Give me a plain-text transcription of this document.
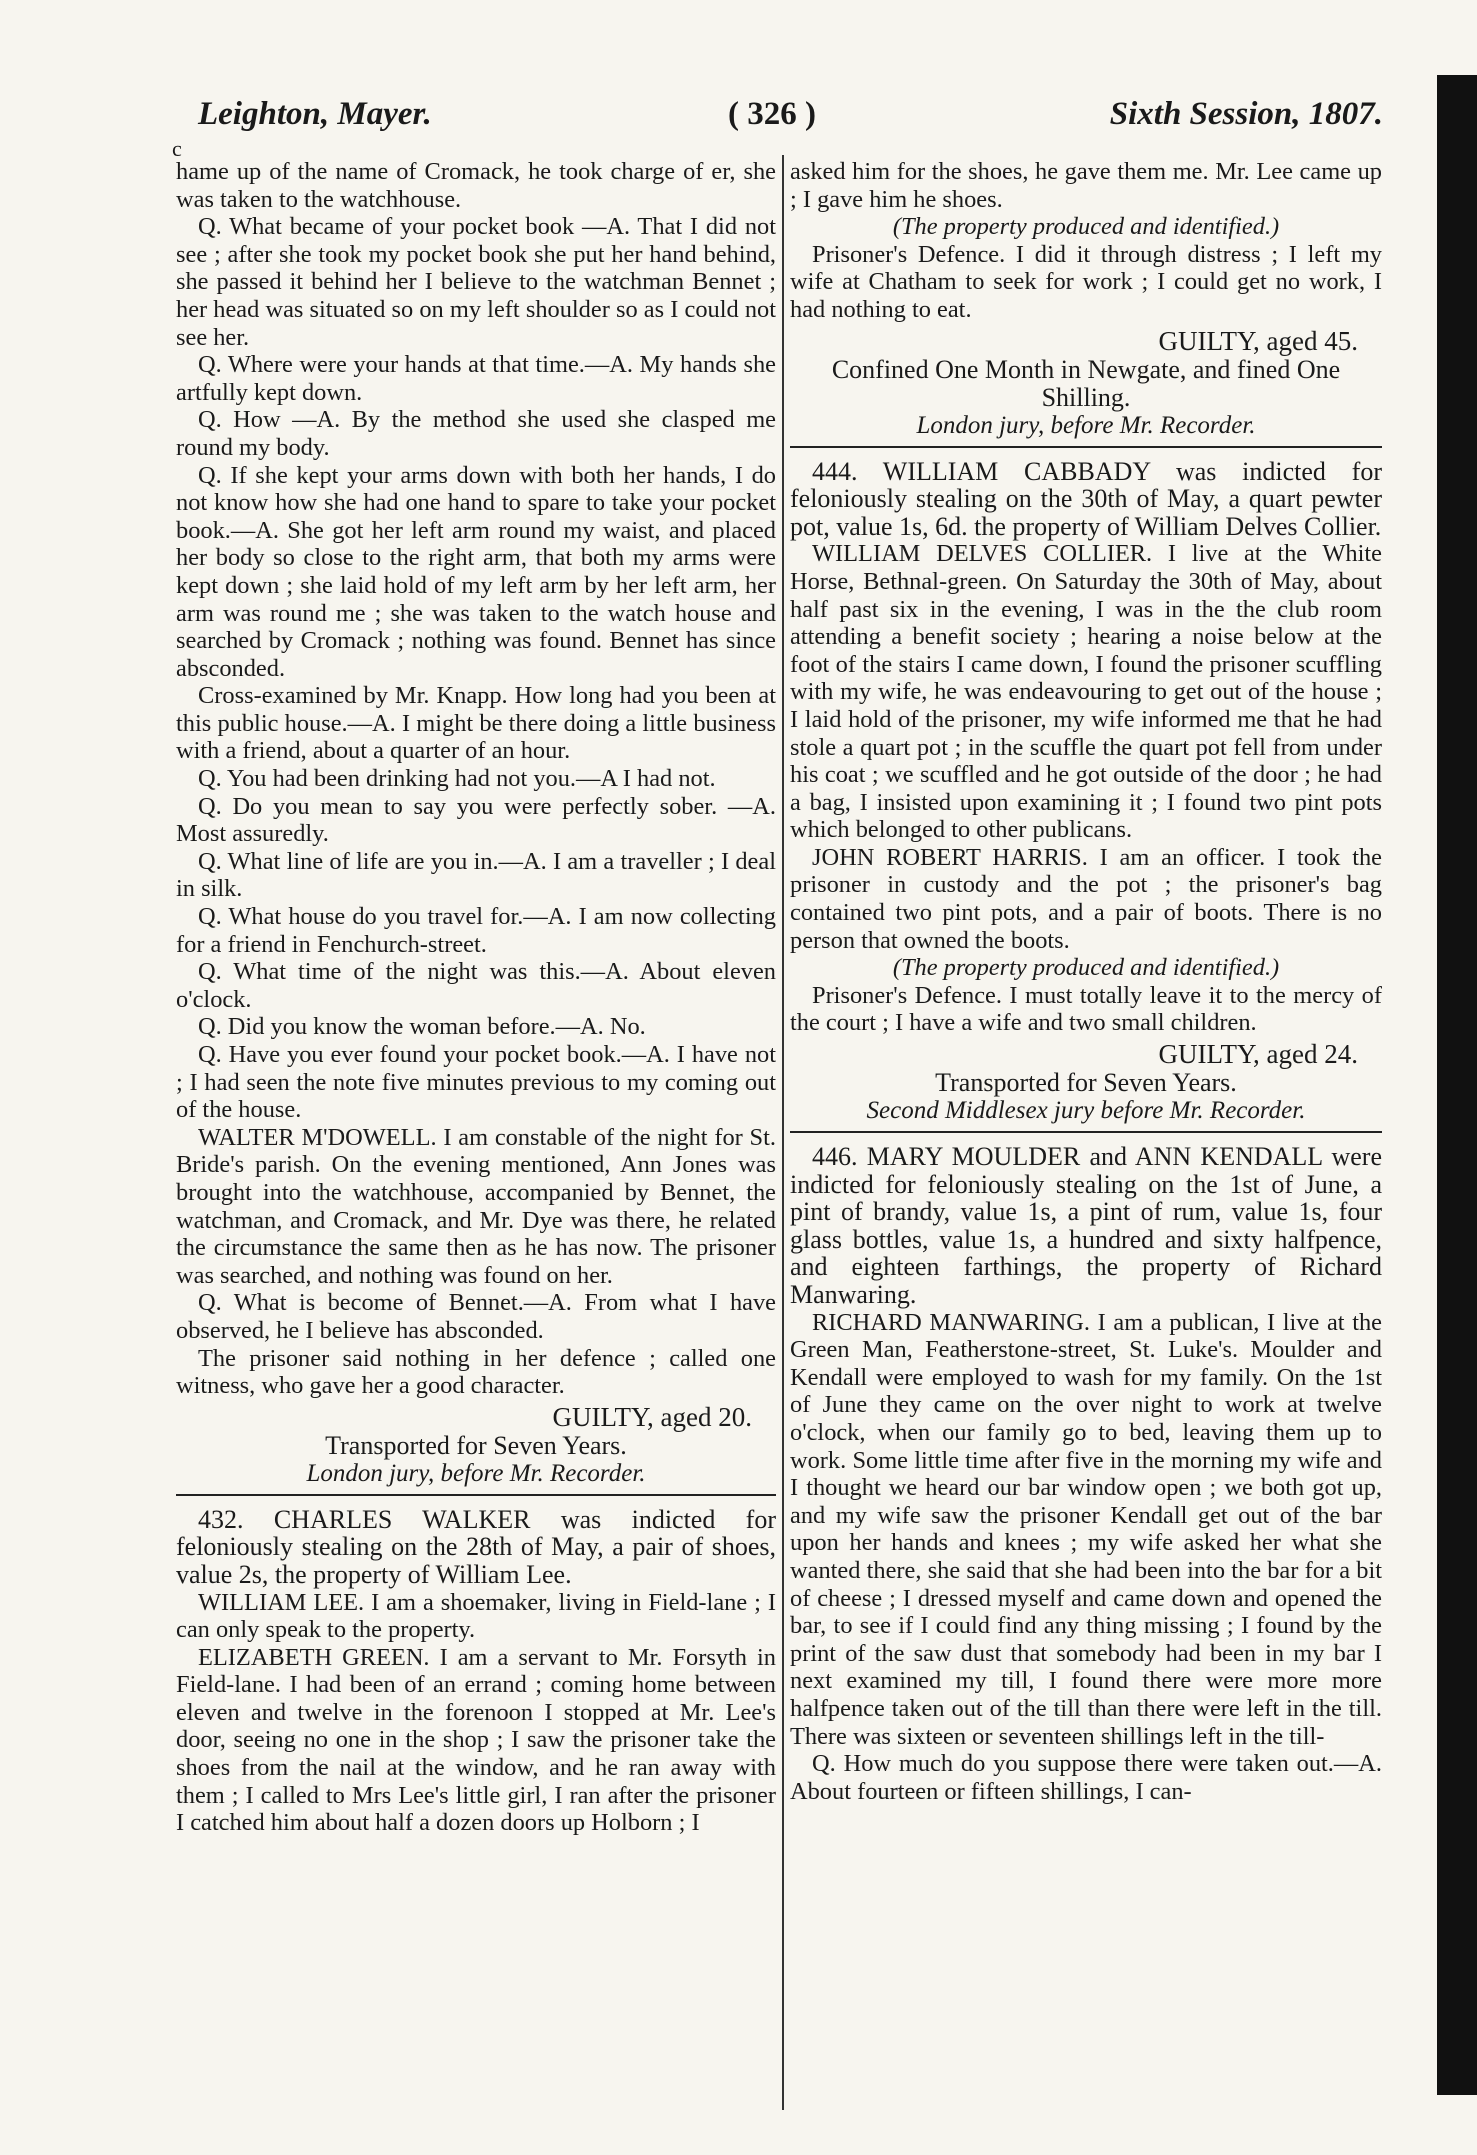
Leighton, Mayer.	( 326 )	Sixth Session, 1807.
c

hame up of the name of Cromack, he took charge of er, she was taken to the watchhouse.

Q. What became of your pocket book —A. That I did not see ; after she took my pocket book she put her hand behind, she passed it behind her I believe to the watchman Bennet ; her head was situated so on my left shoulder so as I could not see her.

Q. Where were your hands at that time.—A. My hands she artfully kept down.

Q. How —A. By the method she used she clasped me round my body.

Q. If she kept your arms down with both her hands, I do not know how she had one hand to spare to take your pocket book.—A. She got her left arm round my waist, and placed her body so close to the right arm, that both my arms were kept down ; she laid hold of my left arm by her left arm, her arm was round me ; she was taken to the watch house and searched by Cromack ; nothing was found. Bennet has since absconded.

Cross-examined by Mr. Knapp. How long had you been at this public house.—A. I might be there doing a little business with a friend, about a quarter of an hour.

Q. You had been drinking had not you.—A I had not.

Q. Do you mean to say you were perfectly sober. —A. Most assuredly.

Q. What line of life are you in.—A. I am a traveller ; I deal in silk.

Q. What house do you travel for.—A. I am now collecting for a friend in Fenchurch-street.

Q. What time of the night was this.—A. About eleven o'clock.

Q. Did you know the woman before.—A. No.

Q. Have you ever found your pocket book.—A. I have not ; I had seen the note five minutes previous to my coming out of the house.

WALTER M'DOWELL. I am constable of the night for St. Bride's parish. On the evening mentioned, Ann Jones was brought into the watchhouse, accompanied by Bennet, the watchman, and Cromack, and Mr. Dye was there, he related the circumstance the same then as he has now. The prisoner was searched, and nothing was found on her.

Q. What is become of Bennet.—A. From what I have observed, he I believe has absconded.

The prisoner said nothing in her defence ; called one witness, who gave her a good character.

GUILTY, aged 20.
Transported for Seven Years.
London jury, before Mr. Recorder.

432. CHARLES WALKER was indicted for feloniously stealing on the 28th of May, a pair of shoes, value 2s, the property of William Lee.

WILLIAM LEE. I am a shoemaker, living in Field-lane ; I can only speak to the property.

ELIZABETH GREEN. I am a servant to Mr. Forsyth in Field-lane. I had been of an errand ; coming home between eleven and twelve in the forenoon I stopped at Mr. Lee's door, seeing no one in the shop ; I saw the prisoner take the shoes from the nail at the window, and he ran away with them ; I called to Mrs Lee's little girl, I ran after the prisoner I catched him about half a dozen doors up Holborn ; I

asked him for the shoes, he gave them me. Mr. Lee came up ; I gave him he shoes.

(The property produced and identified.)

Prisoner's Defence. I did it through distress ; I left my wife at Chatham to seek for work ; I could get no work, I had nothing to eat.

GUILTY, aged 45.
Confined One Month in Newgate, and fined One Shilling.
London jury, before Mr. Recorder.

444. WILLIAM CABBADY was indicted for feloniously stealing on the 30th of May, a quart pewter pot, value 1s, 6d. the property of William Delves Collier.

WILLIAM DELVES COLLIER. I live at the White Horse, Bethnal-green. On Saturday the 30th of May, about half past six in the evening, I was in the the club room attending a benefit society ; hearing a noise below at the foot of the stairs I came down, I found the prisoner scuffling with my wife, he was endeavouring to get out of the house ; I laid hold of the prisoner, my wife informed me that he had stole a quart pot ; in the scuffle the quart pot fell from under his coat ; we scuffled and he got outside of the door ; he had a bag, I insisted upon examining it ; I found two pint pots which belonged to other publicans.

JOHN ROBERT HARRIS. I am an officer. I took the prisoner in custody and the pot ; the prisoner's bag contained two pint pots, and a pair of boots. There is no person that owned the boots.

(The property produced and identified.)

Prisoner's Defence. I must totally leave it to the mercy of the court ; I have a wife and two small children.

GUILTY, aged 24.
Transported for Seven Years.
Second Middlesex jury before Mr. Recorder.

446. MARY MOULDER and ANN KENDALL were indicted for feloniously stealing on the 1st of June, a pint of brandy, value 1s, a pint of rum, value 1s, four glass bottles, value 1s, a hundred and sixty halfpence, and eighteen farthings, the property of Richard Manwaring.

RICHARD MANWARING. I am a publican, I live at the Green Man, Featherstone-street, St. Luke's. Moulder and Kendall were employed to wash for my family. On the 1st of June they came on the over night to work at twelve o'clock, when our family go to bed, leaving them up to work. Some little time after five in the morning my wife and I thought we heard our bar window open ; we both got up, and my wife saw the prisoner Kendall get out of the bar upon her hands and knees ; my wife asked her what she wanted there, she said that she had been into the bar for a bit of cheese ; I dressed myself and came down and opened the bar, to see if I could find any thing missing ; I found by the print of the saw dust that somebody had been in my bar I next examined my till, I found there were more more halfpence taken out of the till than there were left in the till. There was sixteen or seventeen shillings left in the till-

Q. How much do you suppose there were taken out.—A. About fourteen or fifteen shillings, I can-
